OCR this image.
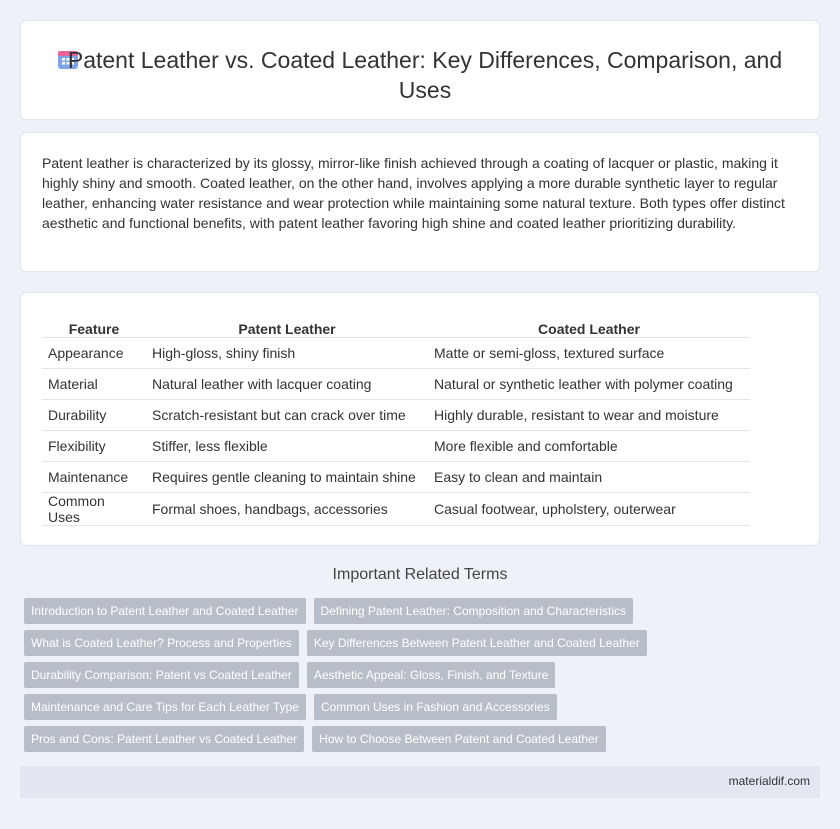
Patent Leather vs. Coated Leather: Key Differences, Comparison, and Uses

Patent leather is characterized by its glossy, mirror-like finish achieved through a coating of lacquer or plastic, making it highly shiny and smooth. Coated leather, on the other hand, involves applying a more durable synthetic layer to regular leather, enhancing water resistance and wear protection while maintaining some natural texture. Both types offer distinct aesthetic and functional benefits, with patent leather favoring high shine and coated leather prioritizing durability.

Feature	Patent Leather	Coated Leather
Appearance	High-gloss, shiny finish	Matte or semi-gloss, textured surface
Material	Natural leather with lacquer coating	Natural or synthetic leather with polymer coating
Durability	Scratch-resistant but can crack over time	Highly durable, resistant to wear and moisture
Flexibility	Stiffer, less flexible	More flexible and comfortable
Maintenance	Requires gentle cleaning to maintain shine	Easy to clean and maintain
Common Uses	Formal shoes, handbags, accessories	Casual footwear, upholstery, outerwear
Important Related Terms
Introduction to Patent Leather and Coated Leather	Defining Patent Leather: Composition and Characteristics
What is Coated Leather? Process and Properties	Key Differences Between Patent Leather and Coated Leather
Durability Comparison: Patent vs Coated Leather	Aesthetic Appeal: Gloss, Finish, and Texture
Maintenance and Care Tips for Each Leather Type	Common Uses in Fashion and Accessories
Pros and Cons: Patent Leather vs Coated Leather	How to Choose Between Patent and Coated Leather
materialdif.com
